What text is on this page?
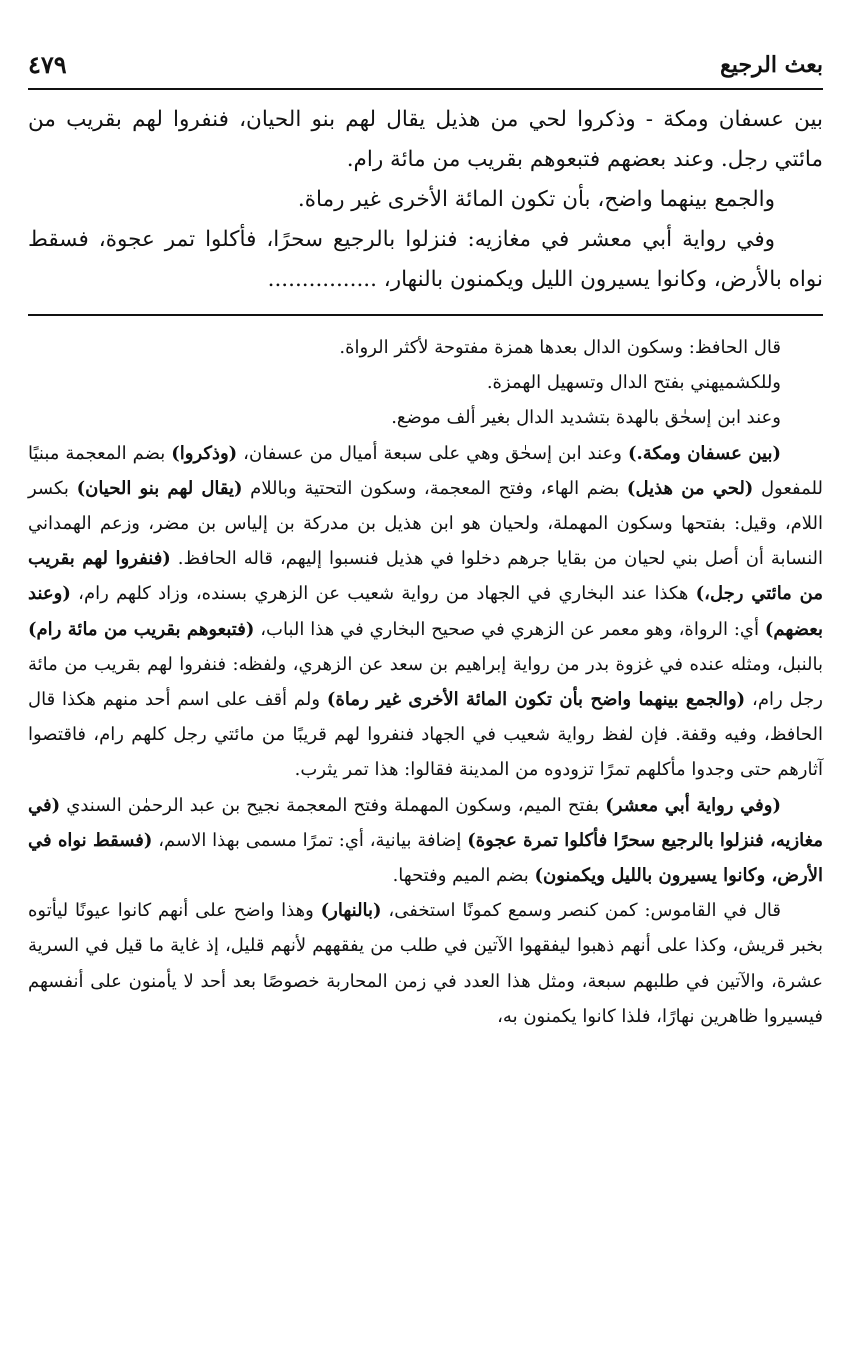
بعث الرجيع
٤٧٩

بين عسفان ومكة - وذكروا لحي من هذيل يقال لهم بنو الحيان، فنفروا لهم بقريب من مائتي رجل. وعند بعضهم فتبعوهم بقريب من مائة رام.

والجمع بينهما واضح، بأن تكون المائة الأخرى غير رماة.

وفي رواية أبي معشر في مغازيه: فنزلوا بالرجيع سحرًا، فأكلوا تمر عجوة، فسقط نواه بالأرض، وكانوا يسيرون الليل ويكمنون بالنهار، ................

قال الحافظ: وسكون الدال بعدها همزة مفتوحة لأكثر الرواة.

وللكشميهني بفتح الدال وتسهيل الهمزة.

وعند ابن إسحٰق بالهدة بتشديد الدال بغير ألف موضع.

(بين عسفان ومكة.) وعند ابن إسحٰق وهي على سبعة أميال من عسفان، (وذكروا) بضم المعجمة مبنيًا للمفعول (لحي من هذيل) بضم الهاء، وفتح المعجمة، وسكون التحتية وباللام (يقال لهم بنو الحيان) بكسر اللام، وقيل: بفتحها وسكون المهملة، ولحيان هو ابن هذيل بن مدركة بن إلياس بن مضر، وزعم الهمداني النسابة أن أصل بني لحيان من بقايا جرهم دخلوا في هذيل فنسبوا إليهم، قاله الحافظ. (فنفروا لهم بقريب من مائتي رجل،) هكذا عند البخاري في الجهاد من رواية شعيب عن الزهري بسنده، وزاد كلهم رام، (وعند بعضهم) أي: الرواة، وهو معمر عن الزهري في صحيح البخاري في هذا الباب، (فتبعوهم بقريب من مائة رام) بالنبل، ومثله عنده في غزوة بدر من رواية إبراهيم بن سعد عن الزهري، ولفظه: فنفروا لهم بقريب من مائة رجل رام، (والجمع بينهما واضح بأن تكون المائة الأخرى غير رماة) ولم أقف على اسم أحد منهم هكذا قال الحافظ، وفيه وقفة. فإن لفظ رواية شعيب في الجهاد فنفروا لهم قريبًا من مائتي رجل كلهم رام، فاقتصوا آثارهم حتى وجدوا مأكلهم تمرًا تزودوه من المدينة فقالوا: هذا تمر يثرب.

(وفي رواية أبي معشر) بفتح الميم، وسكون المهملة وفتح المعجمة نجيح بن عبد الرحمٰن السندي (في مغازيه، فنزلوا بالرجيع سحرًا فأكلوا تمرة عجوة) إضافة بيانية، أي: تمرًا مسمى بهذا الاسم، (فسقط نواه في الأرض، وكانوا يسيرون بالليل ويكمنون) بضم الميم وفتحها.

قال في القاموس: كمن كنصر وسمع كمونًا استخفى، (بالنهار) وهذا واضح على أنهم كانوا عيونًا ليأتوه بخبر قريش، وكذا على أنهم ذهبوا ليفقهوا الآتين في طلب من يفقههم لأنهم قليل، إذ غاية ما قيل في السرية عشرة، والآتين في طلبهم سبعة، ومثل هذا العدد في زمن المحاربة خصوصًا بعد أحد لا يأمنون على أنفسهم فيسيروا ظاهرين نهارًا، فلذا كانوا يكمنون به،
